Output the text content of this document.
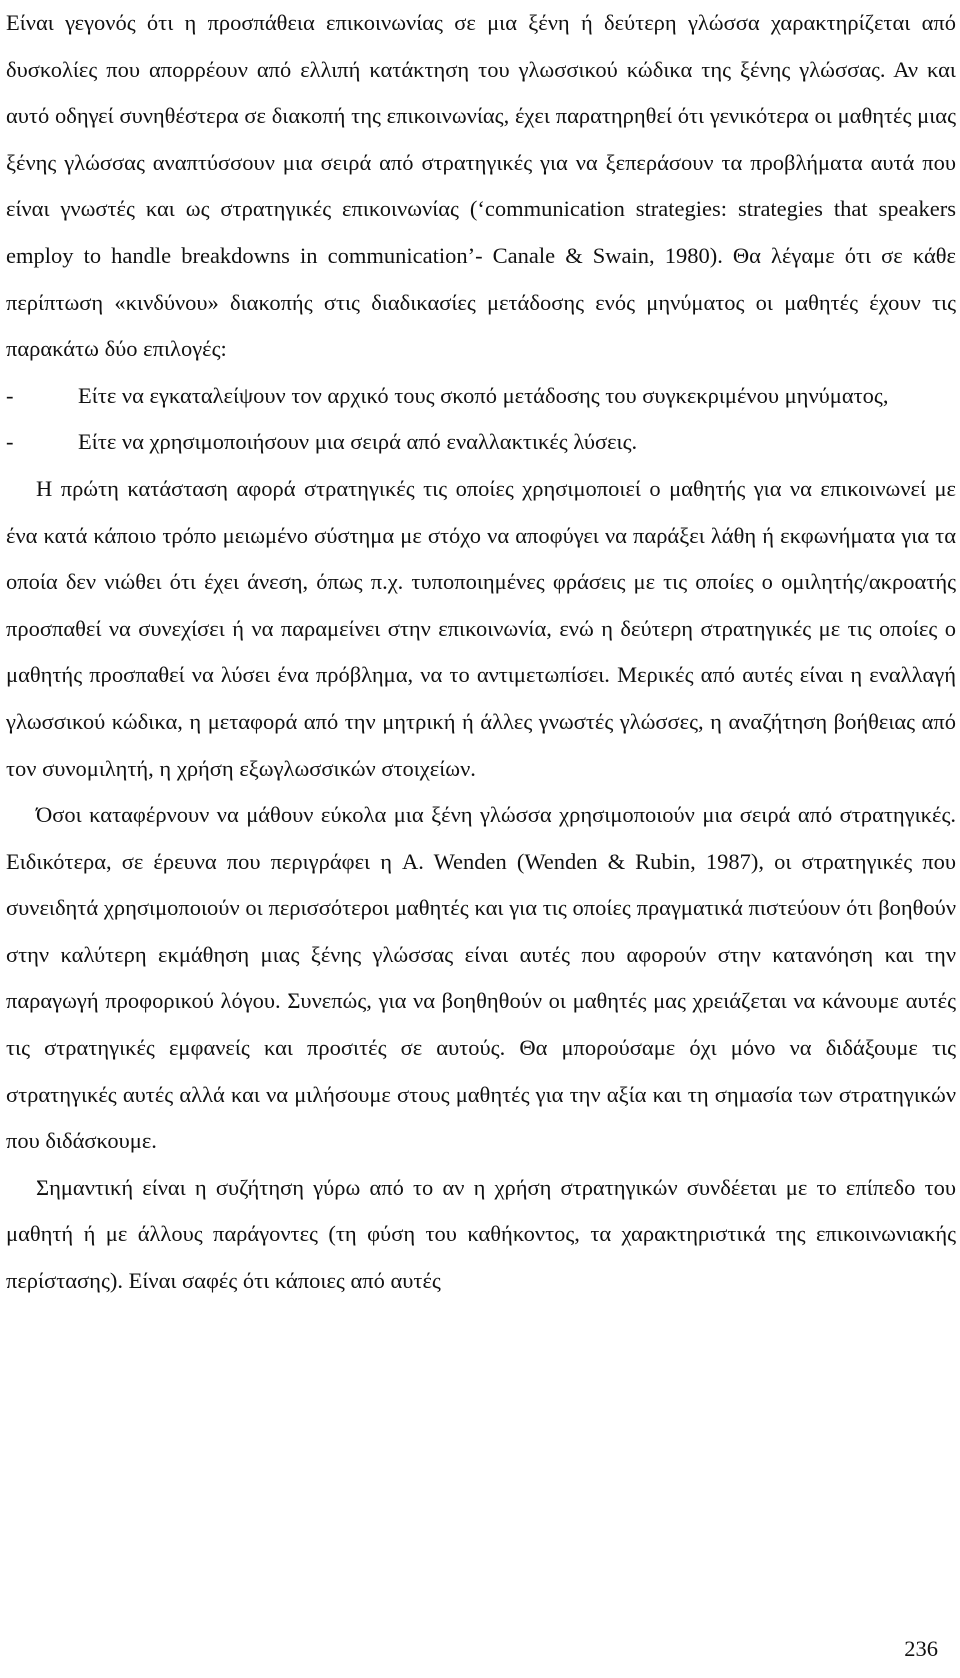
Είναι γεγονός ότι η προσπάθεια επικοινωνίας σε μια ξένη ή δεύτερη γλώσσα χαρακτηρίζεται από δυσκολίες που απορρέουν από ελλιπή κατάκτηση του γλωσσικού κώδικα της ξένης γλώσσας. Αν και αυτό οδηγεί συνηθέστερα σε διακοπή της επικοινωνίας, έχει παρατηρηθεί ότι γενικότερα οι μαθητές μιας ξένης γλώσσας αναπτύσσουν μια σειρά από στρατηγικές για να ξεπεράσουν τα προβλήματα αυτά που είναι γνωστές και ως στρατηγικές επικοινωνίας (‘communication strategies: strategies that speakers employ to handle breakdowns in communication’- Canale & Swain, 1980). Θα λέγαμε ότι σε κάθε περίπτωση «κινδύνου» διακοπής στις διαδικασίες μετάδοσης ενός μηνύματος οι μαθητές έχουν τις παρακάτω δύο επιλογές:

-	Είτε να εγκαταλείψουν τον αρχικό τους σκοπό μετάδοσης του συγκεκριμένου μηνύματος,
-	Είτε να χρησιμοποιήσουν μια σειρά από εναλλακτικές λύσεις.

Η πρώτη κατάσταση αφορά στρατηγικές τις οποίες χρησιμοποιεί ο μαθητής για να επικοινωνεί με ένα κατά κάποιο τρόπο μειωμένο σύστημα με στόχο να αποφύγει να παράξει λάθη ή εκφωνήματα για τα οποία δεν νιώθει ότι έχει άνεση, όπως π.χ. τυποποιημένες φράσεις με τις οποίες ο ομιλητής/ακροατής προσπαθεί να συνεχίσει ή να παραμείνει στην επικοινωνία, ενώ η δεύτερη στρατηγικές με τις οποίες ο μαθητής προσπαθεί να λύσει ένα πρόβλημα, να το αντιμετωπίσει. Μερικές από αυτές είναι η εναλλαγή γλωσσικού κώδικα, η μεταφορά από την μητρική ή άλλες γνωστές γλώσσες, η αναζήτηση βοήθειας από τον συνομιλητή, η χρήση εξωγλωσσικών στοιχείων.

Όσοι καταφέρνουν να μάθουν εύκολα μια ξένη γλώσσα χρησιμοποιούν μια σειρά από στρατηγικές. Ειδικότερα, σε έρευνα που περιγράφει η A. Wenden (Wenden & Rubin, 1987), οι στρατηγικές που συνειδητά χρησιμοποιούν οι περισσότεροι μαθητές και για τις οποίες πραγματικά πιστεύουν ότι βοηθούν στην καλύτερη εκμάθηση μιας ξένης γλώσσας είναι αυτές που αφορούν στην κατανόηση και την παραγωγή προφορικού λόγου. Συνεπώς, για να βοηθηθούν οι μαθητές μας χρειάζεται να κάνουμε αυτές τις στρατηγικές εμφανείς και προσιτές σε αυτούς. Θα μπορούσαμε όχι μόνο να διδάξουμε τις στρατηγικές αυτές αλλά και να μιλήσουμε στους μαθητές για την αξία και τη σημασία των στρατηγικών που διδάσκουμε.

Σημαντική είναι η συζήτηση γύρω από το αν η χρήση στρατηγικών συνδέεται με το επίπεδο του μαθητή ή με άλλους παράγοντες (τη φύση του καθήκοντος, τα χαρακτηριστικά της επικοινωνιακής περίστασης). Είναι σαφές ότι κάποιες από αυτές

236
